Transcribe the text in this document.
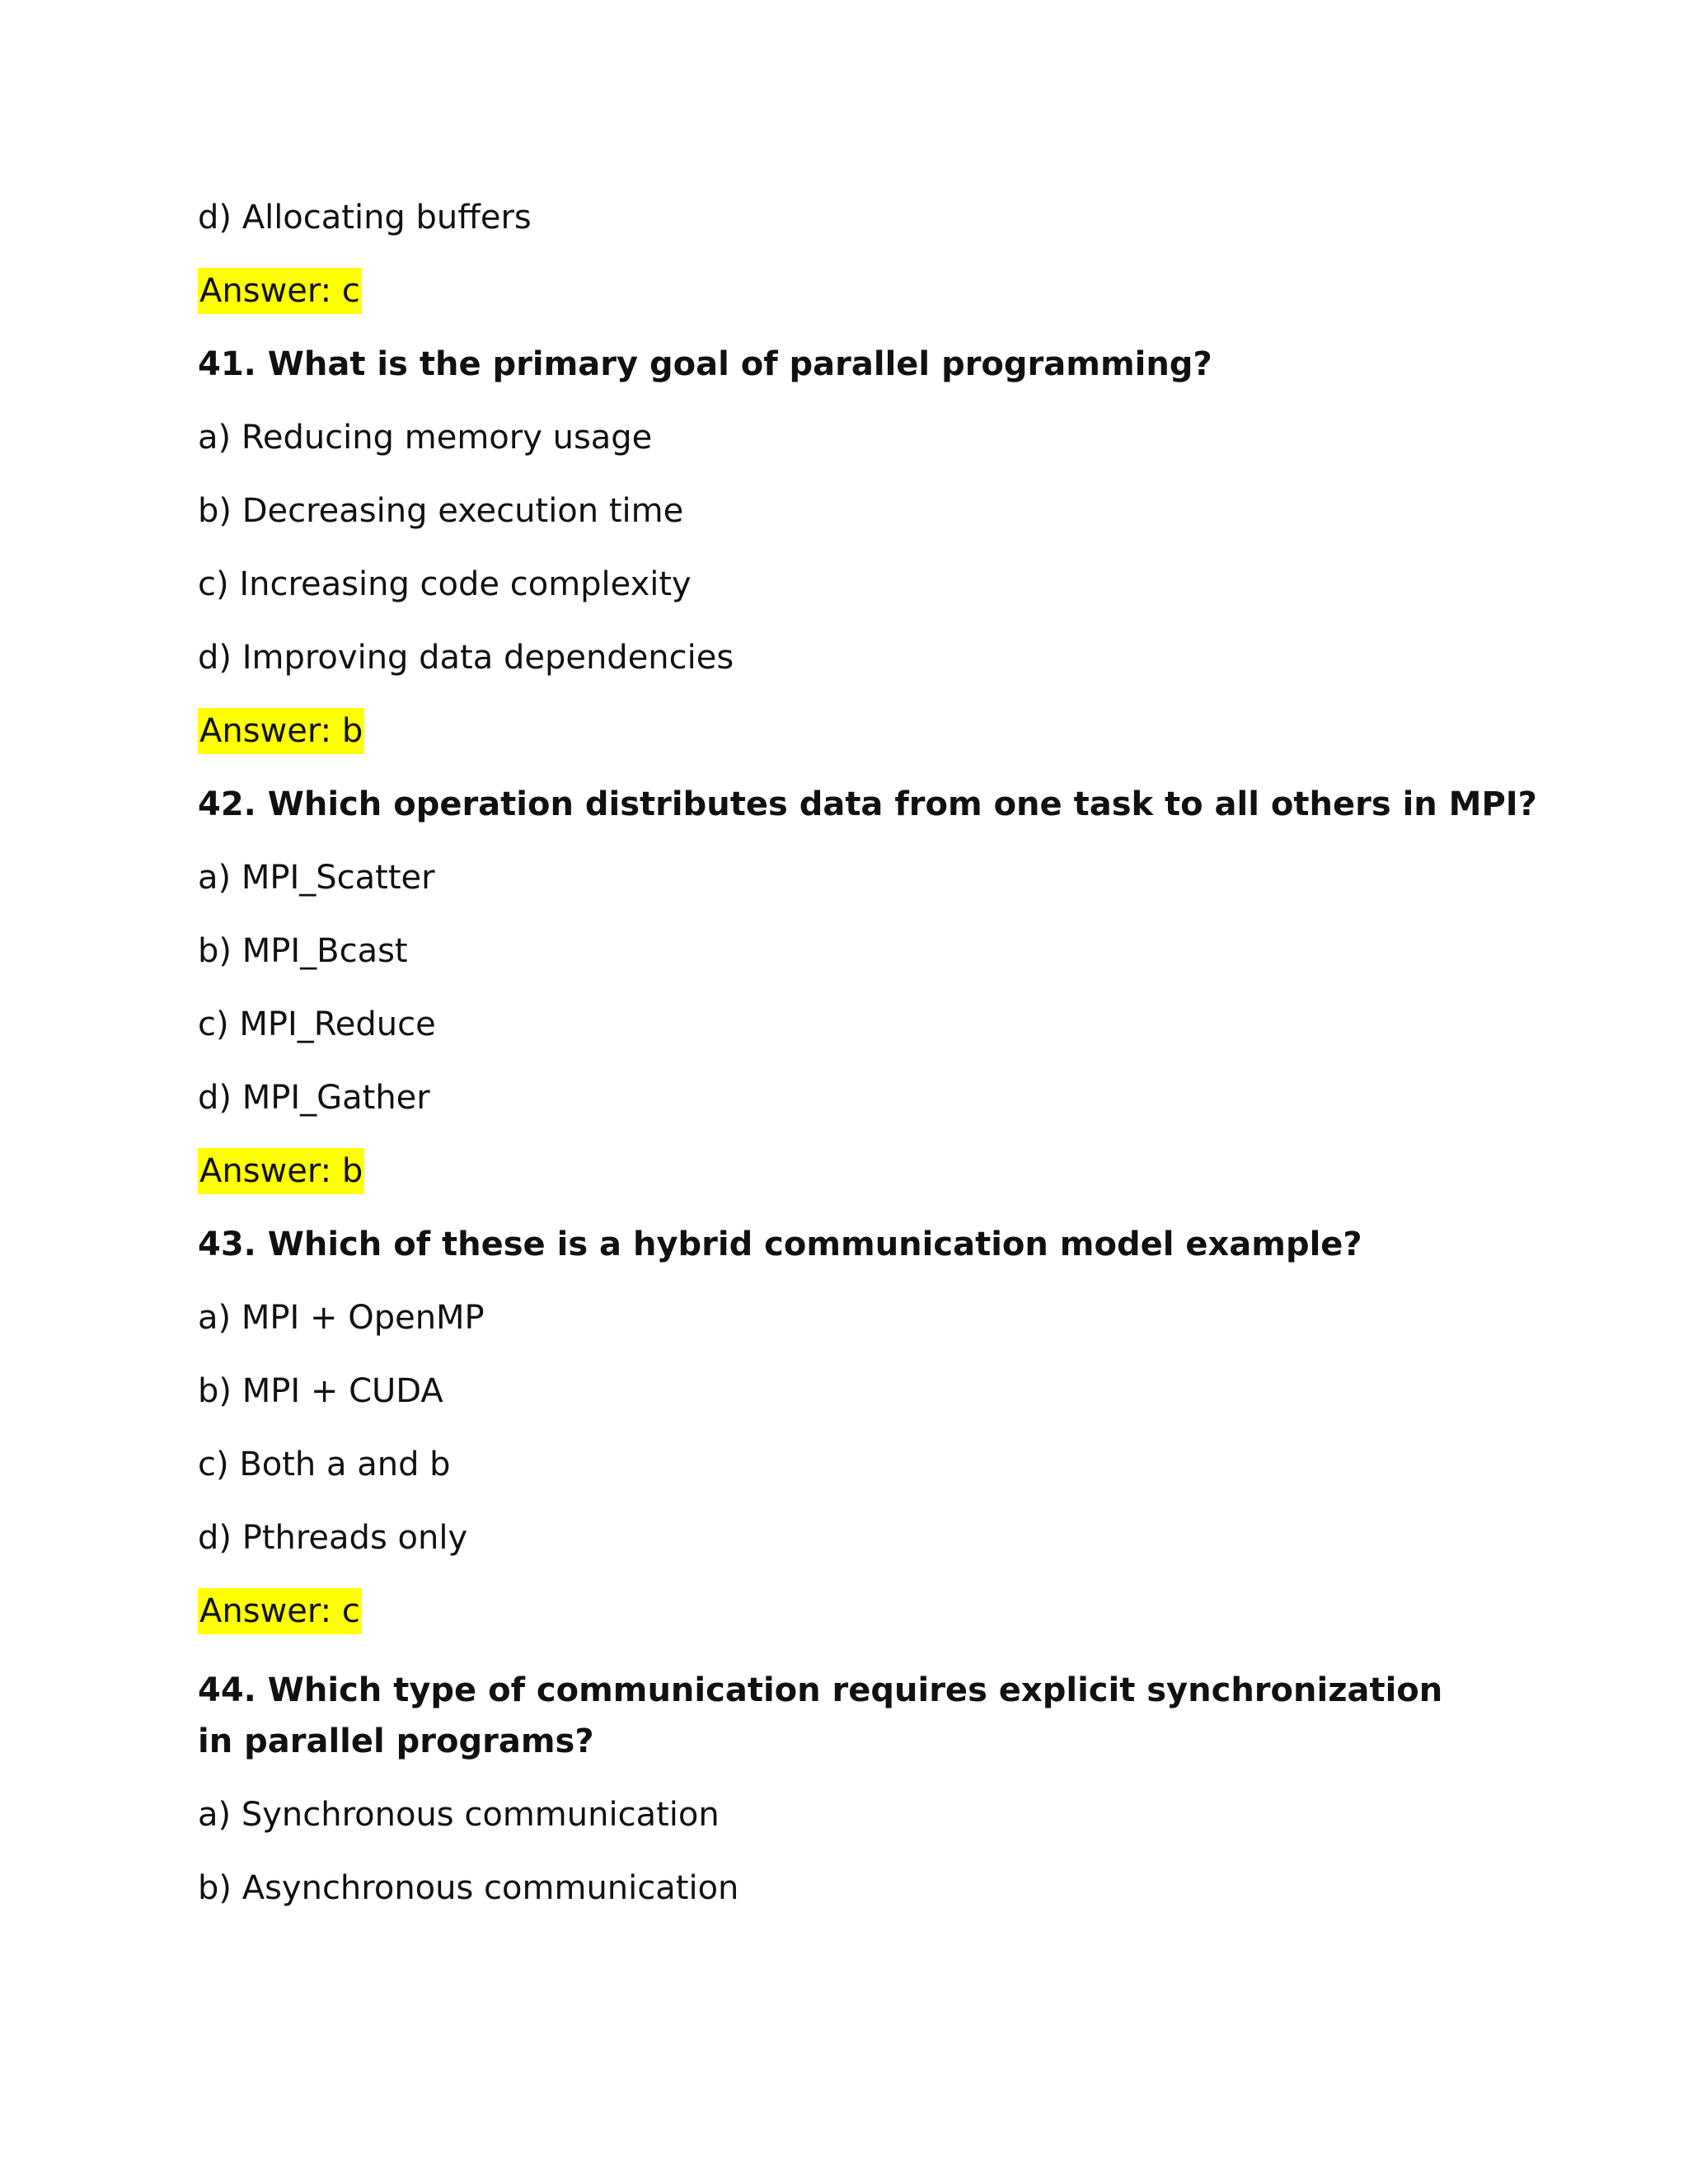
d) Allocating buffers
Answer: c
41. What is the primary goal of parallel programming?
a) Reducing memory usage
b) Decreasing execution time
c) Increasing code complexity
d) Improving data dependencies
Answer: b
42. Which operation distributes data from one task to all others in MPI?
a) MPI_Scatter
b) MPI_Bcast
c) MPI_Reduce
d) MPI_Gather
Answer: b
43. Which of these is a hybrid communication model example?
a) MPI + OpenMP
b) MPI + CUDA
c) Both a and b
d) Pthreads only
Answer: c
44. Which type of communication requires explicit synchronization in parallel programs?
a) Synchronous communication
b) Asynchronous communication
